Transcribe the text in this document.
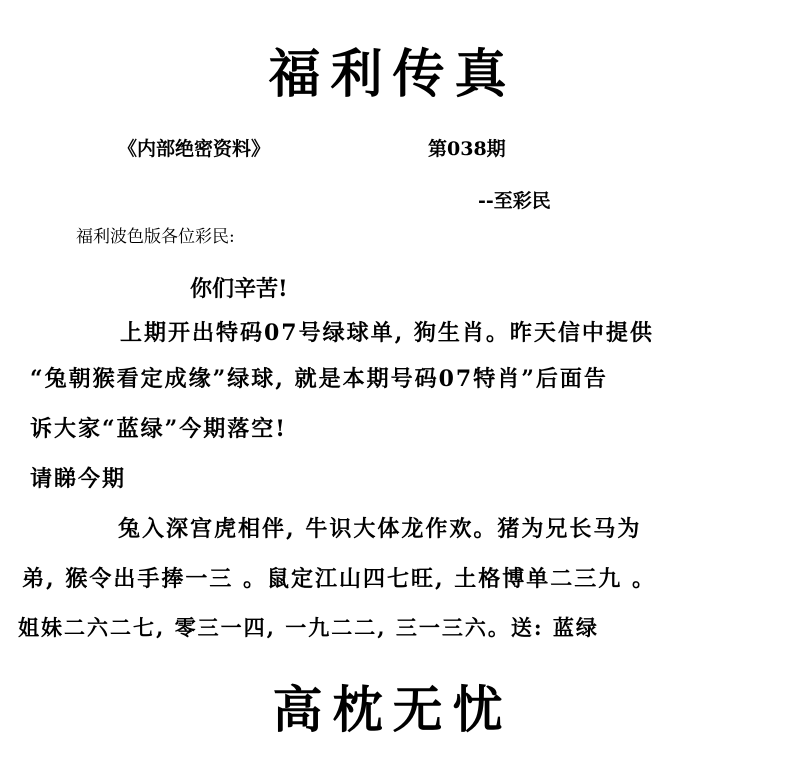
福利传真
《内部绝密资料》	第038期
--至彩民
福利波色版各位彩民:
你们辛苦!
上期开出特码07号绿球单, 狗生肖。昨天信中提供
“兔朝猴看定成缘”绿球, 就是本期号码07特肖”后面告
诉大家“蓝绿”今期落空!
请睇今期
兔入深宫虎相伴, 牛识大体龙作欢。猪为兄长马为
弟, 猴令出手捧一三 。鼠定江山四七旺, 土格博单二三九 。
姐妹二六二七, 零三一四, 一九二二, 三一三六。送: 蓝绿
高枕无忧
